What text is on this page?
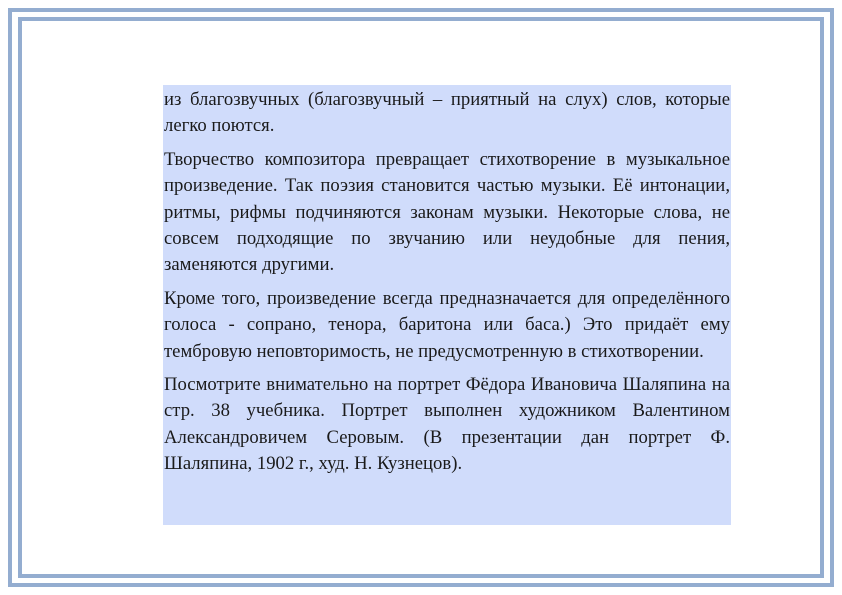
из благозвучных (благозвучный – приятный на слух) слов, которые легко поются.

Творчество композитора превращает стихотворение в музыкальное произведение. Так поэзия становится частью музыки. Её интонации, ритмы, рифмы подчиняются законам музыки. Некоторые слова, не совсем подходящие по звучанию или неудобные для пения, заменяются другими.

Кроме того, произведение всегда предназначается для определённого голоса - сопрано, тенора, баритона или баса.) Это придаёт ему тембровую неповторимость, не предусмотренную в стихотворении.

Посмотрите внимательно на портрет Фёдора Ивановича Шаляпина на стр. 38 учебника. Портрет выполнен художником Валентином Александровичем Серовым. (В презентации дан портрет Ф. Шаляпина, 1902 г., худ. Н. Кузнецов).
